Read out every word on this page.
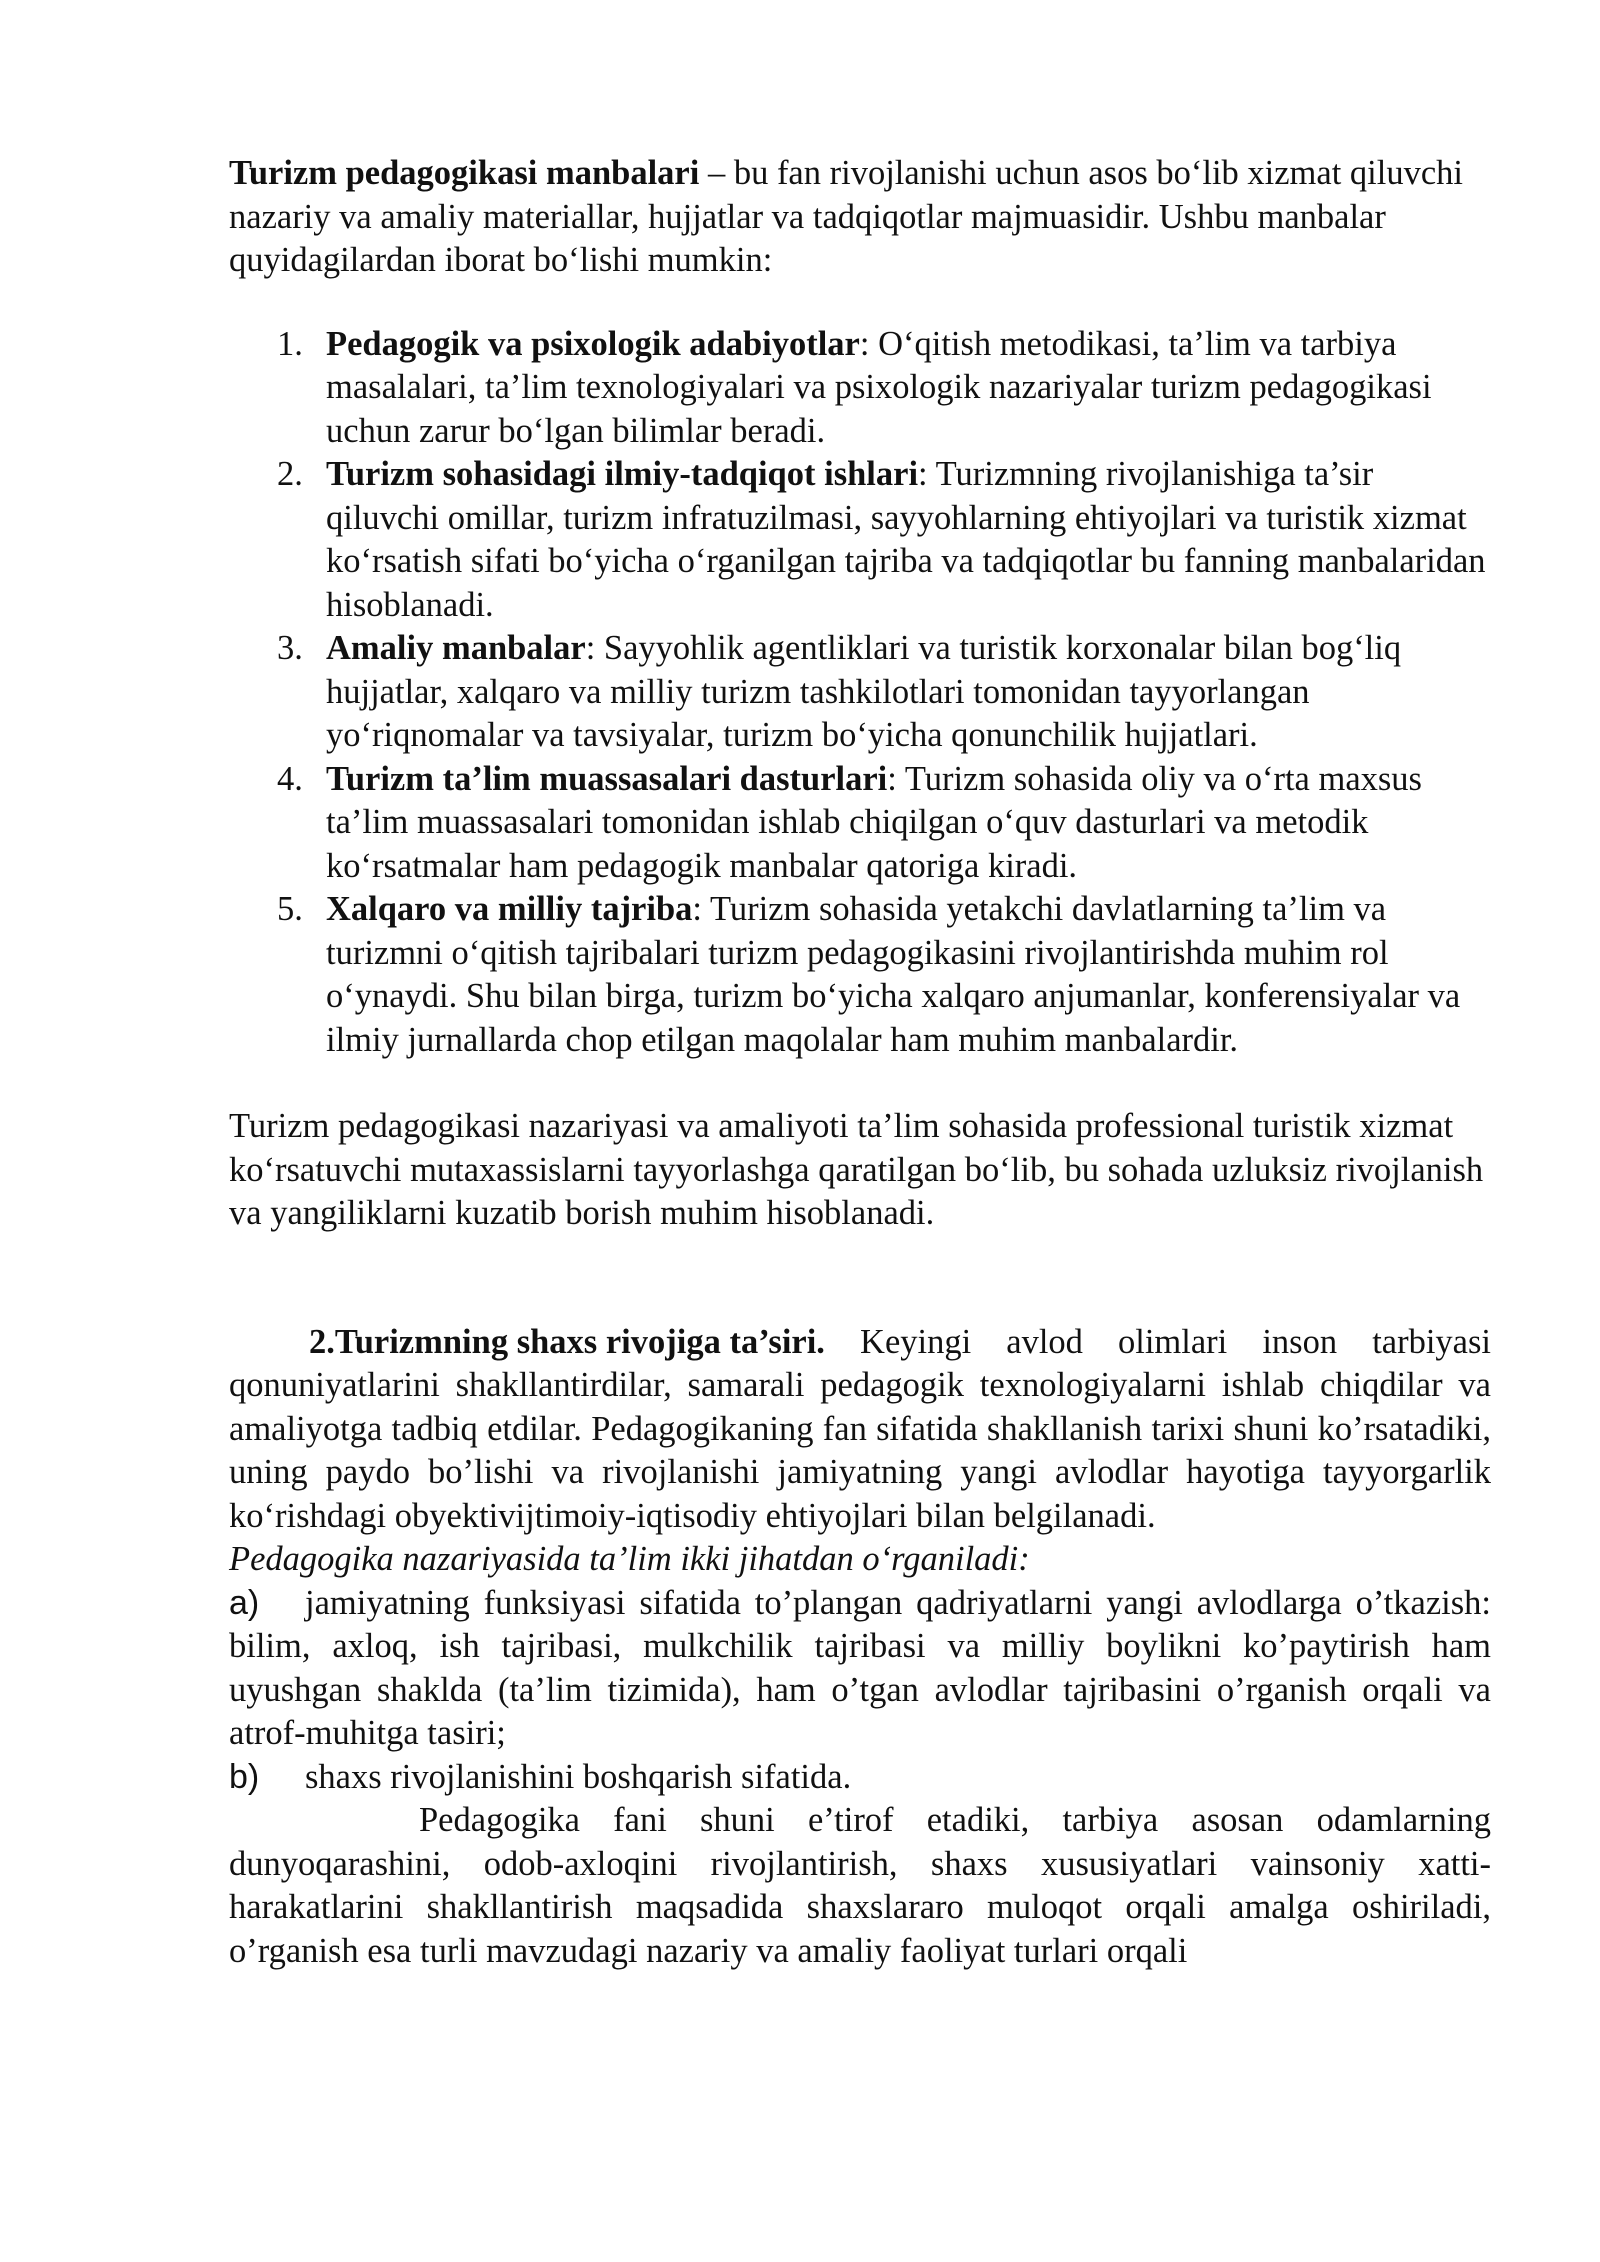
Turizm pedagogikasi manbalari – bu fan rivojlanishi uchun asos bo‘lib xizmat qiluvchi nazariy va amaliy materiallar, hujjatlar va tadqiqotlar majmuasidir. Ushbu manbalar quyidagilardan iborat bo‘lishi mumkin:

1. Pedagogik va psixologik adabiyotlar: O‘qitish metodikasi, ta’lim va tarbiya masalalari, ta’lim texnologiyalari va psixologik nazariyalar turizm pedagogikasi uchun zarur bo‘lgan bilimlar beradi.
2. Turizm sohasidagi ilmiy-tadqiqot ishlari: Turizmning rivojlanishiga ta’sir qiluvchi omillar, turizm infratuzilmasi, sayyohlarning ehtiyojlari va turistik xizmat ko‘rsatish sifati bo‘yicha o‘rganilgan tajriba va tadqiqotlar bu fanning manbalaridan hisoblanadi.
3. Amaliy manbalar: Sayyohlik agentliklari va turistik korxonalar bilan bog‘liq hujjatlar, xalqaro va milliy turizm tashkilotlari tomonidan tayyorlangan yo‘riqnomalar va tavsiyalar, turizm bo‘yicha qonunchilik hujjatlari.
4. Turizm ta’lim muassasalari dasturlari: Turizm sohasida oliy va o‘rta maxsus ta’lim muassasalari tomonidan ishlab chiqilgan o‘quv dasturlari va metodik ko‘rsatmalar ham pedagogik manbalar qatoriga kiradi.
5. Xalqaro va milliy tajriba: Turizm sohasida yetakchi davlatlarning ta’lim va turizmni o‘qitish tajribalari turizm pedagogikasini rivojlantirishda muhim rol o‘ynaydi. Shu bilan birga, turizm bo‘yicha xalqaro anjumanlar, konferensiyalar va ilmiy jurnallarda chop etilgan maqolalar ham muhim manbalardir.

Turizm pedagogikasi nazariyasi va amaliyoti ta’lim sohasida professional turistik xizmat ko‘rsatuvchi mutaxassislarni tayyorlashga qaratilgan bo‘lib, bu sohada uzluksiz rivojlanish va yangiliklarni kuzatib borish muhim hisoblanadi.

2.Turizmning shaxs rivojiga ta’siri. Keyingi avlod olimlari inson tarbiyasi qonuniyatlarini shakllantirdilar, samarali pedagogik texnologiyalarni ishlab chiqdilar va amaliyotga tadbiq etdilar. Pedagogikaning fan sifatida shakllanish tarixi shuni ko’rsatadiki, uning paydo bo’lishi va rivojlanishi jamiyatning yangi avlodlar hayotiga tayyorgarlik ko‘rishdagi obyektivijtimoiy-iqtisodiy ehtiyojlari bilan belgilanadi.

Pedagogika nazariyasida ta’lim ikki jihatdan o‘rganiladi:

a) jamiyatning funksiyasi sifatida to’plangan qadriyatlarni yangi avlodlarga o’tkazish: bilim, axloq, ish tajribasi, mulkchilik tajribasi va milliy boylikni ko’paytirish ham uyushgan shaklda (ta’lim tizimida), ham o’tgan avlodlar tajribasini o’rganish orqali va atrof-muhitga tasiri;

b) shaxs rivojlanishini boshqarish sifatida.

Pedagogika fani shuni e’tirof etadiki, tarbiya asosan odamlarning dunyoqarashini, odob-axloqini rivojlantirish, shaxs xususiyatlari vainsoniy xatti-harakatlarini shakllantirish maqsadida shaxslararo muloqot orqali amalga oshiriladi, o’rganish esa turli mavzudagi nazariy va amaliy faoliyat turlari orqali
